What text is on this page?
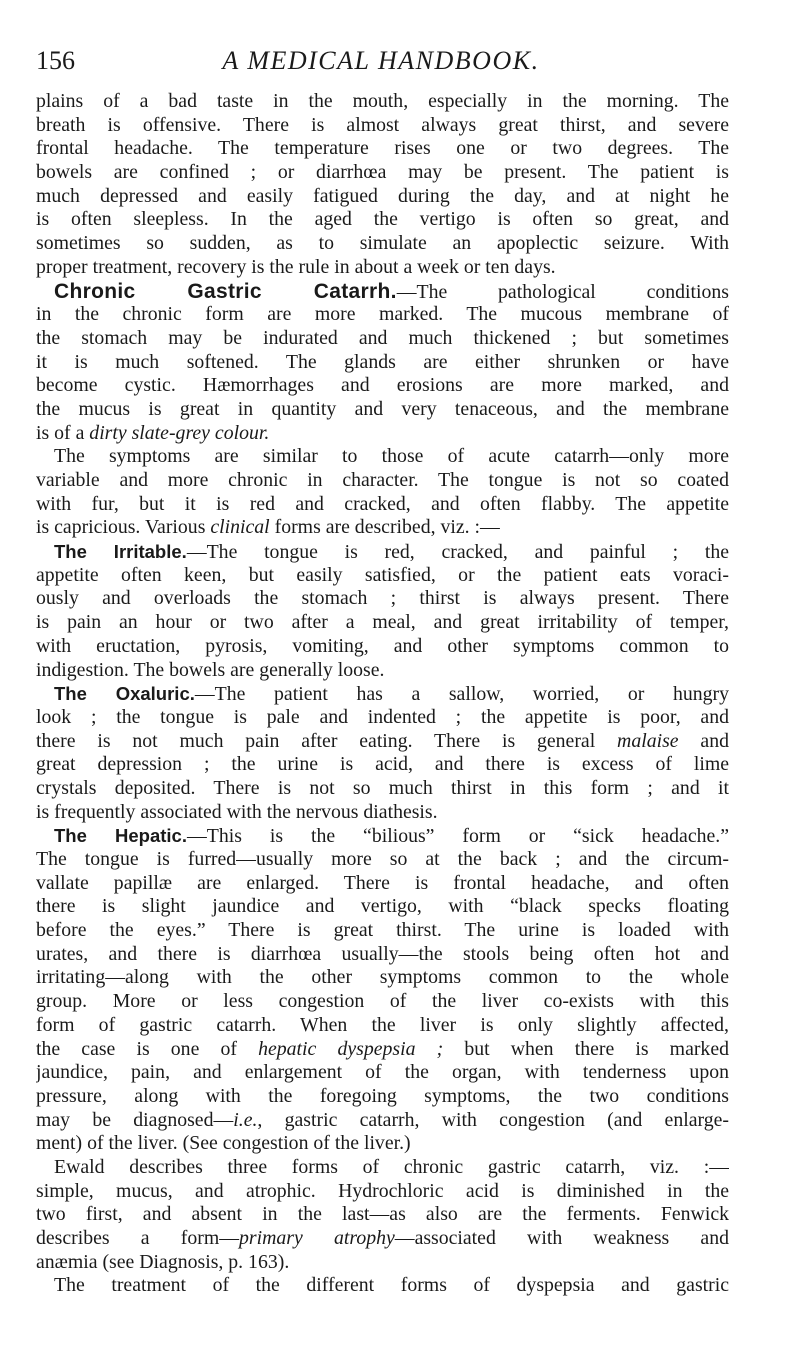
156	A MEDICAL HANDBOOK.
plains of a bad taste in the mouth, especially in the morning. The
breath is offensive. There is almost always great thirst, and severe
frontal headache. The temperature rises one or two degrees. The
bowels are confined ; or diarrhœa may be present. The patient is
much depressed and easily fatigued during the day, and at night he
is often sleepless. In the aged the vertigo is often so great, and
sometimes so sudden, as to simulate an apoplectic seizure. With
proper treatment, recovery is the rule in about a week or ten days.
Chronic Gastric Catarrh.—The pathological conditions
in the chronic form are more marked. The mucous membrane of
the stomach may be indurated and much thickened ; but sometimes
it is much softened. The glands are either shrunken or have
become cystic. Hæmorrhages and erosions are more marked, and
the mucus is great in quantity and very tenaceous, and the membrane
is of a dirty slate-grey colour.
The symptoms are similar to those of acute catarrh—only more
variable and more chronic in character. The tongue is not so coated
with fur, but it is red and cracked, and often flabby. The appetite
is capricious. Various clinical forms are described, viz. :—
The Irritable.—The tongue is red, cracked, and painful ; the
appetite often keen, but easily satisfied, or the patient eats voraci-
ously and overloads the stomach ; thirst is always present. There
is pain an hour or two after a meal, and great irritability of temper,
with eructation, pyrosis, vomiting, and other symptoms common to
indigestion. The bowels are generally loose.
The Oxaluric.—The patient has a sallow, worried, or hungry
look ; the tongue is pale and indented ; the appetite is poor, and
there is not much pain after eating. There is general malaise and
great depression ; the urine is acid, and there is excess of lime
crystals deposited. There is not so much thirst in this form ; and it
is frequently associated with the nervous diathesis.
The Hepatic.—This is the “bilious” form or “sick headache.”
The tongue is furred—usually more so at the back ; and the circum-
vallate papillæ are enlarged. There is frontal headache, and often
there is slight jaundice and vertigo, with “black specks floating
before the eyes.” There is great thirst. The urine is loaded with
urates, and there is diarrhœa usually—the stools being often hot and
irritating—along with the other symptoms common to the whole
group. More or less congestion of the liver co-exists with this
form of gastric catarrh. When the liver is only slightly affected,
the case is one of hepatic dyspepsia ; but when there is marked
jaundice, pain, and enlargement of the organ, with tenderness upon
pressure, along with the foregoing symptoms, the two conditions
may be diagnosed—i.e., gastric catarrh, with congestion (and enlarge-
ment) of the liver. (See congestion of the liver.)
Ewald describes three forms of chronic gastric catarrh, viz. :—
simple, mucus, and atrophic. Hydrochloric acid is diminished in the
two first, and absent in the last—as also are the ferments. Fenwick
describes a form—primary atrophy—associated with weakness and
anæmia (see Diagnosis, p. 163).
The treatment of the different forms of dyspepsia and gastric
